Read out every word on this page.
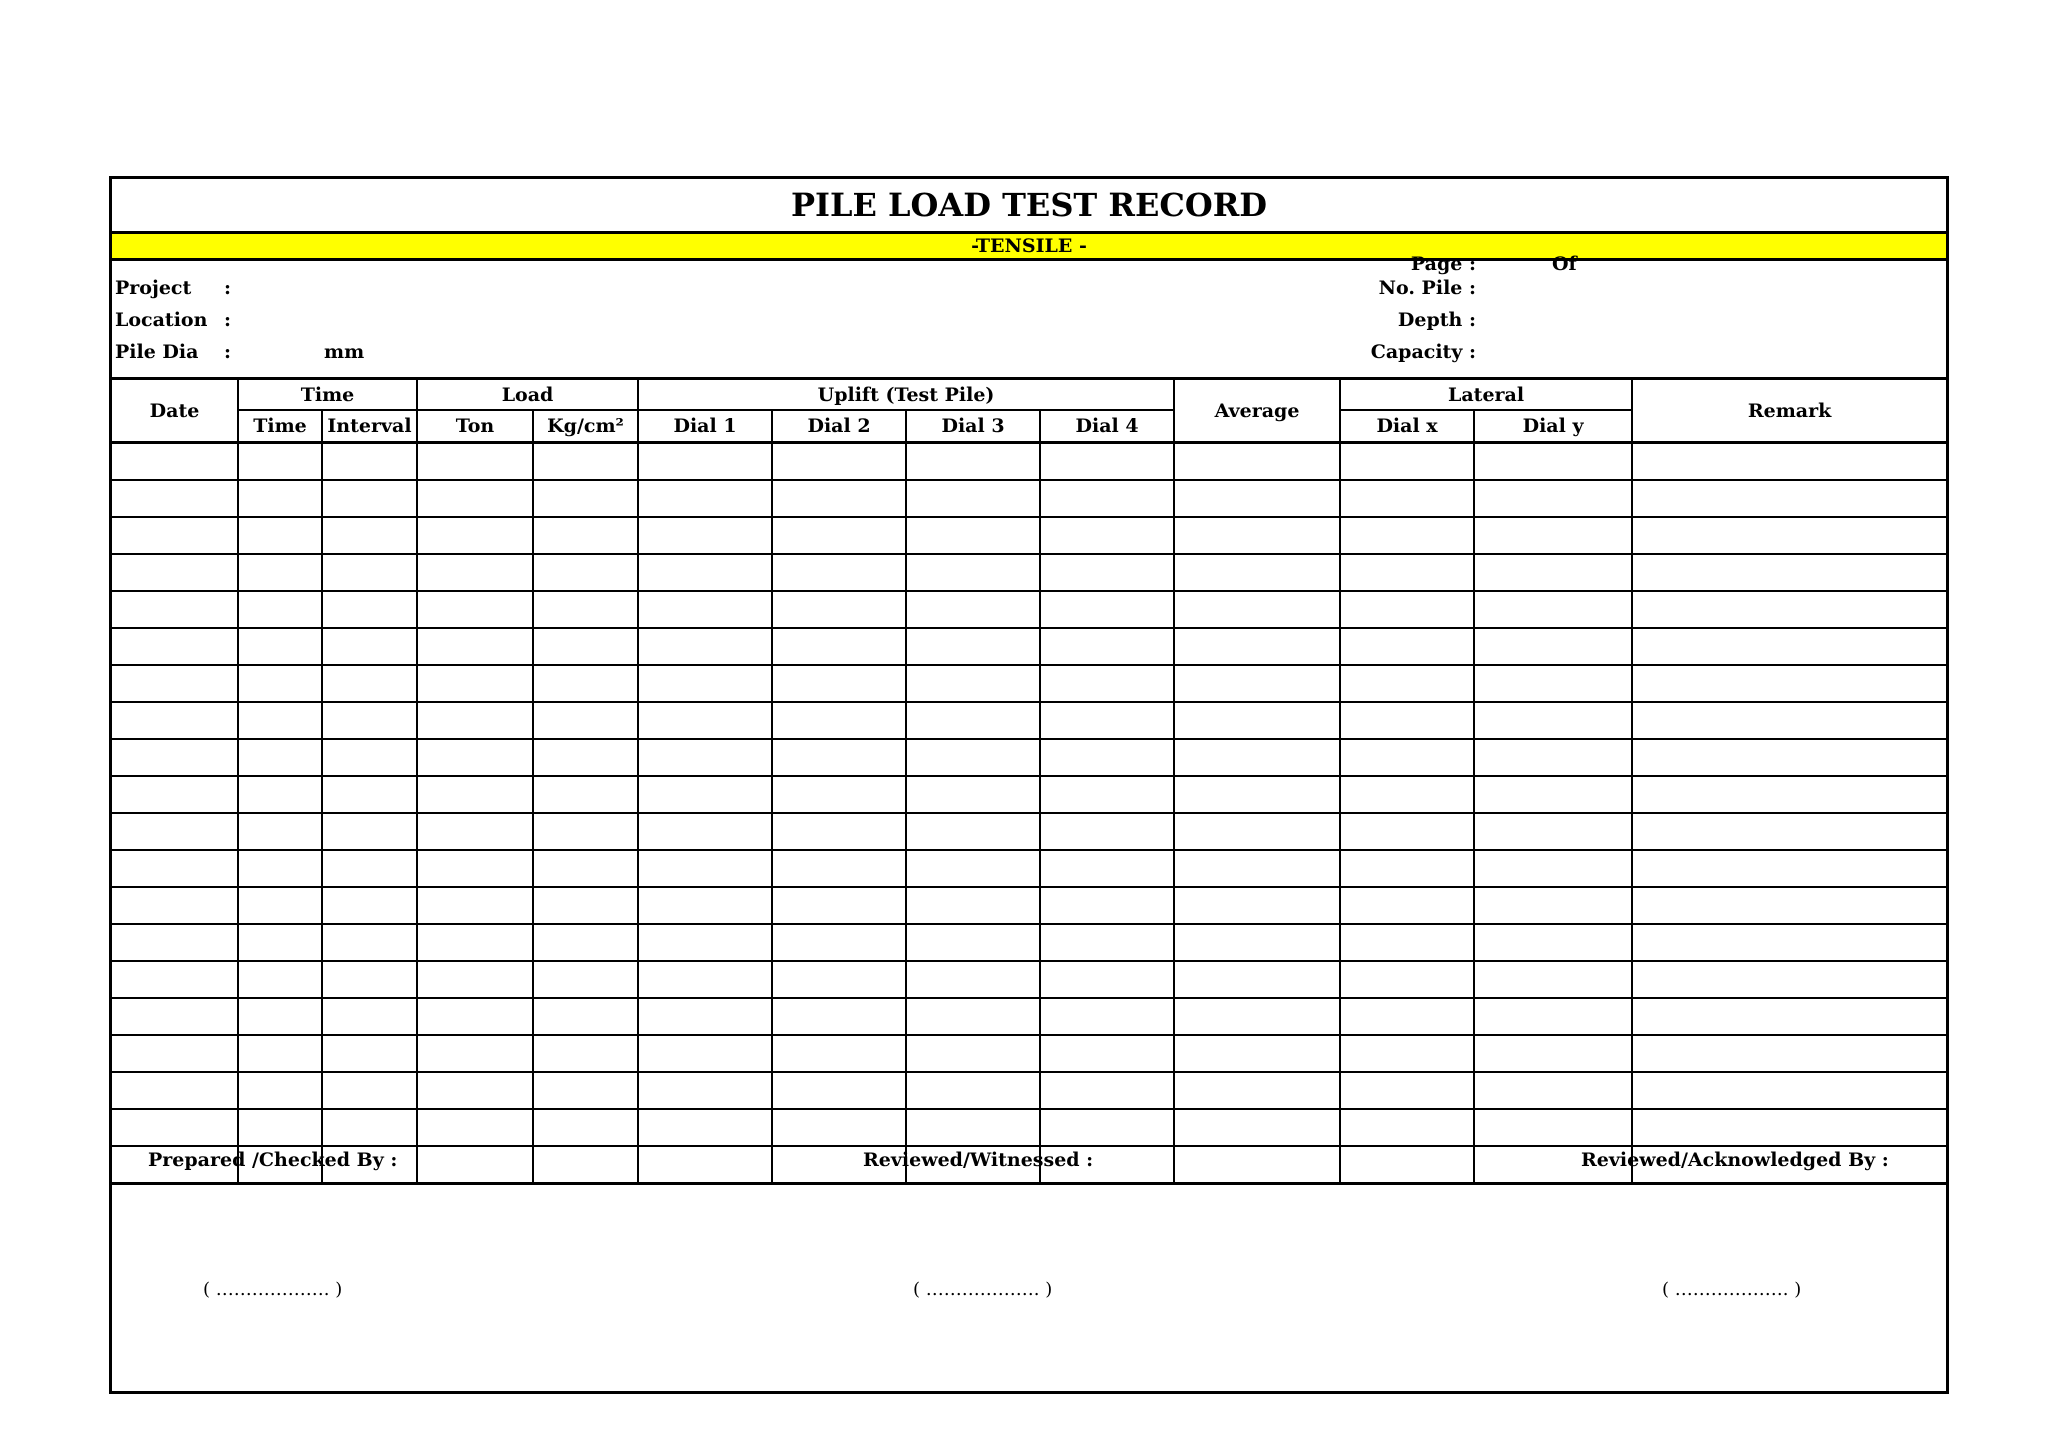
PILE LOAD TEST RECORD
-TENSILE -
Project :
Location :
Pile Dia :	mm
Page :	Of
No. Pile :
Depth :
Capacity :
Date	Time		Load		Uplift (Test Pile)				Average	Lateral		Remark
	Time	Interval	Ton	Kg/cm²	Dial 1	Dial 2	Dial 3	Dial 4		Dial x	Dial y	

Prepared /Checked By :	Reviewed/Witnessed :	Reviewed/Acknowledged By :
( ………………. )	( ………………. )	( ………………. )
